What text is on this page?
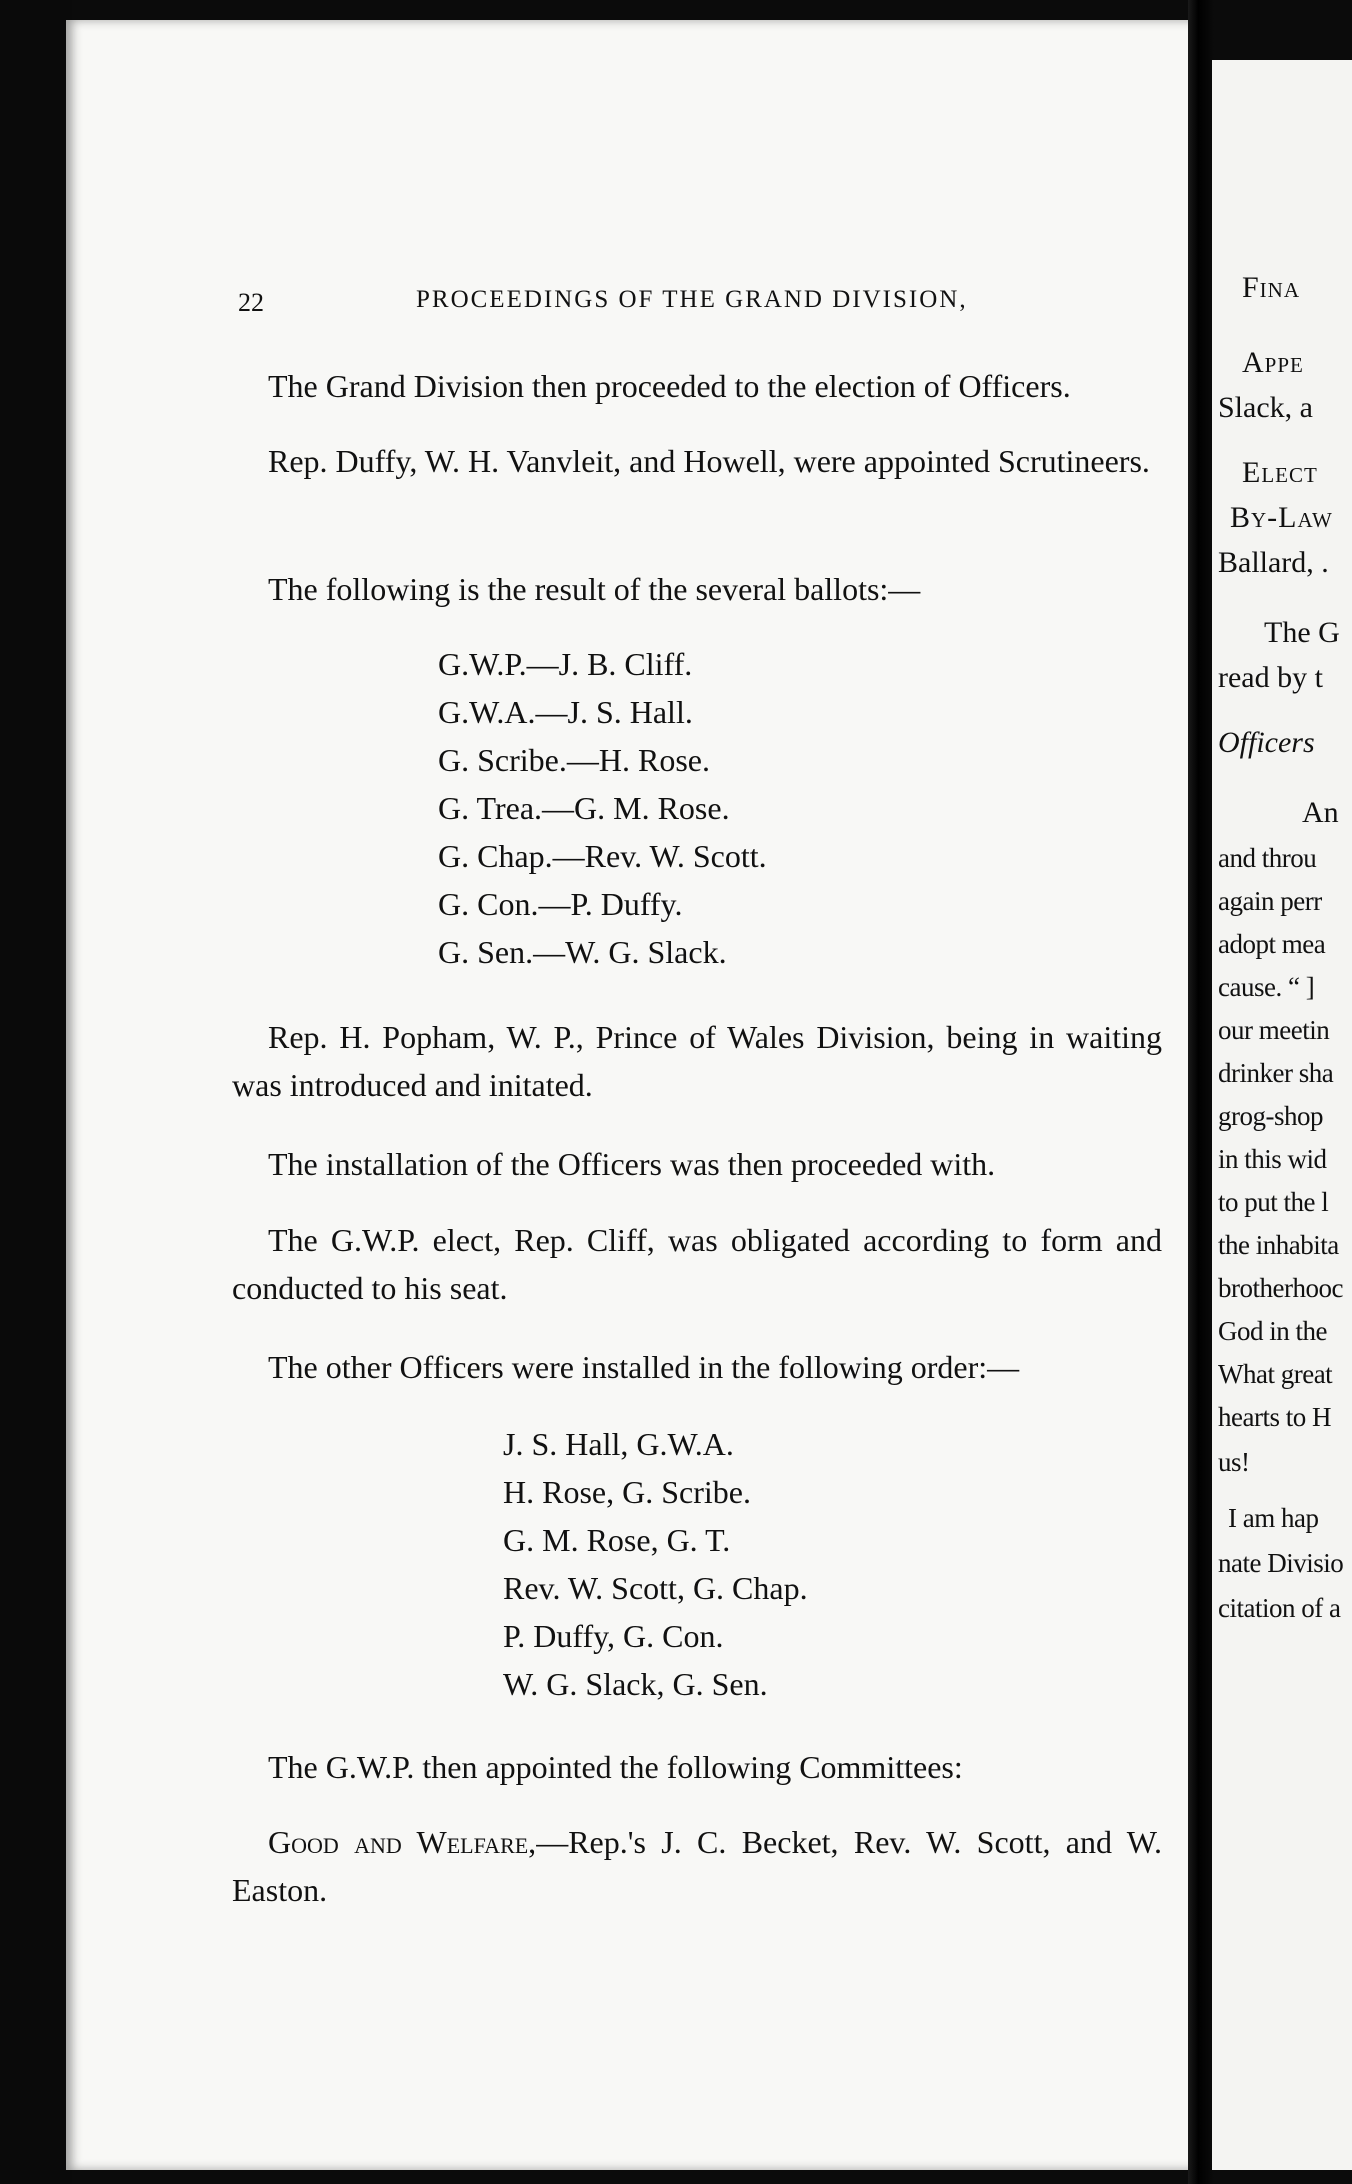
22	PROCEEDINGS OF THE GRAND DIVISION,
The Grand Division then proceeded to the election of Officers.
Rep. Duffy, W. H. Vanvleit, and Howell, were appointed Scrutineers.
The following is the result of the several ballots:—
G.W.P.—J. B. Cliff.
G.W.A.—J. S. Hall.
G. Scribe.—H. Rose.
G. Trea.—G. M. Rose.
G. Chap.—Rev. W. Scott.
G. Con.—P. Duffy.
G. Sen.—W. G. Slack.
Rep. H. Popham, W. P., Prince of Wales Division, being in waiting was introduced and initated.
The installation of the Officers was then proceeded with.
The G.W.P. elect, Rep. Cliff, was obligated according to form and conducted to his seat.
The other Officers were installed in the following order:—
J. S. Hall, G.W.A.
H. Rose, G. Scribe.
G. M. Rose, G. T.
Rev. W. Scott, G. Chap.
P. Duffy, G. Con.
W. G. Slack, G. Sen.
The G.W.P. then appointed the following Committees:
Good and Welfare,—Rep.'s J. C. Becket, Rev. W. Scott, and W. Easton.
Fina
Appe
Slack, a
Elect
By-Law
Ballard, .
The G
read by t
Officers
An
and throu
again perr
adopt mea
cause. “ ]
our meetin
drinker sha
grog-shop
in this wid
to put the l
the inhabita
brotherhooc
God in the
What great
hearts to H
us!
I am hap
nate Divisio
citation of a
